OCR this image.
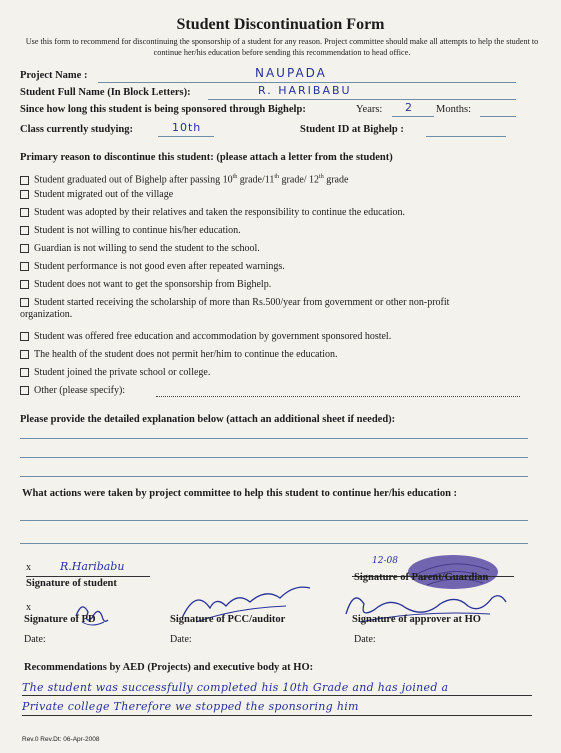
Student Discontinuation Form
Use this form to recommend for discontinuing the sponsorship of a student for any reason. Project committee should make all attempts to help the student to continue her/his education before sending this recommendation to head office.
Project Name :	NAUPADA
Student Full Name (In Block Letters):	R. HARIBABU
Since how long this student is being sponsored through Bighelp:	Years: 2 Months:
Class currently studying:	10th	Student ID at Bighelp :
Primary reason to discontinue this student: (please attach a letter from the student)
Student graduated out of Bighelp after passing 10th grade/11th grade/ 12th grade
Student migrated out of the village
Student was adopted by their relatives and taken the responsibility to continue the education.
Student is not willing to continue his/her education.
Guardian is not willing to send the student to the school.
Student performance is not good even after repeated warnings.
Student does not want to get the sponsorship from Bighelp.
Student started receiving the scholarship of more than Rs.500/year from government or other non-profit organization.
Student was offered free education and accommodation by government sponsored hostel.
The health of the student does not permit her/him to continue the education.
Student joined the private school or college.
Other (please specify):
Please provide the detailed explanation below (attach an additional sheet if needed):
What actions were taken by project committee to help this student to continue her/his education :
x	R.Haribabu
Signature of student
12-08
Signature of Parent/Guardian
x
Signature of PD
Date:
Signature of PCC/auditor
Date:
Signature of approver at HO
Date:
Recommendations by AED (Projects) and executive body at HO:
The student was successfully completed his 10th Grade and has joined a
Private college Therefore we stopped the sponsoring him
Rev.0 Rev.Dt: 06-Apr-2008
